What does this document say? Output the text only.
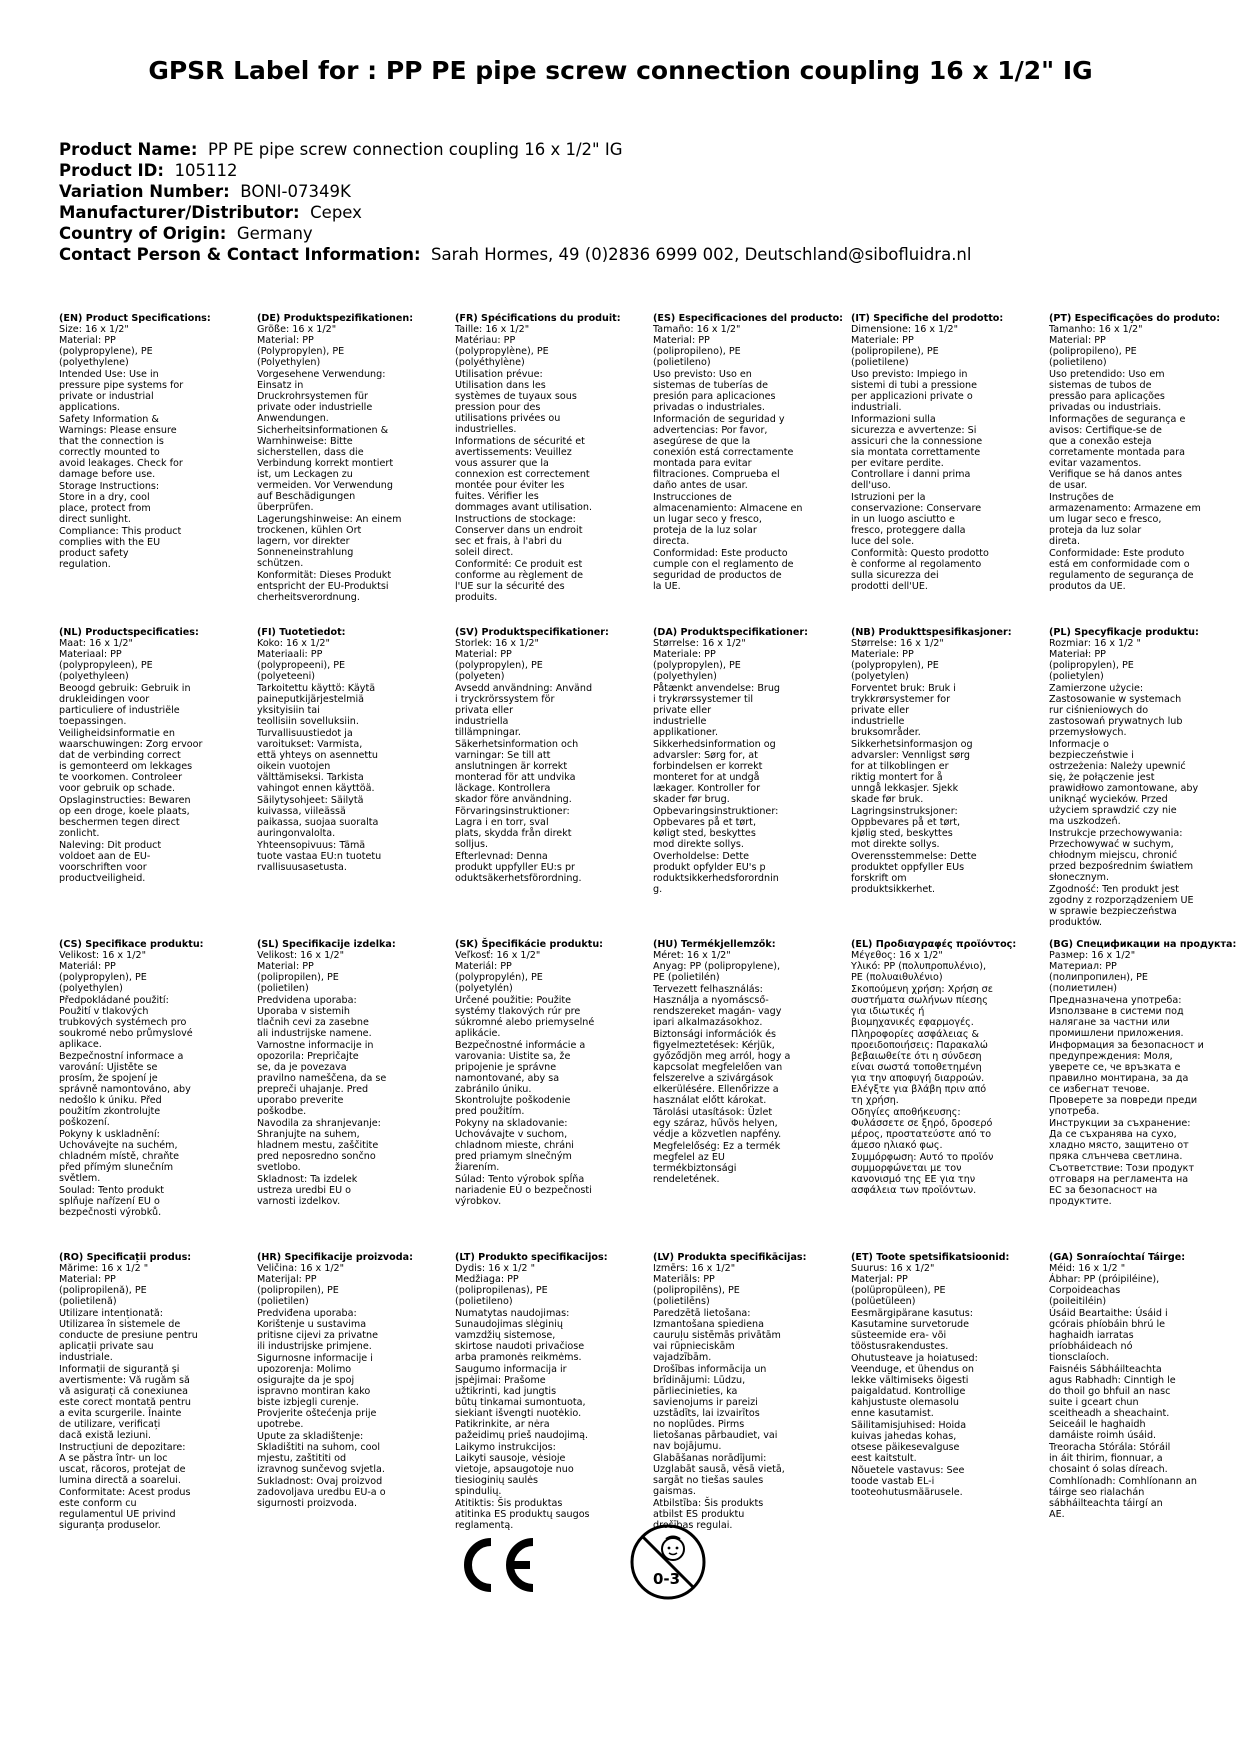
GPSR Label for : PP PE pipe screw connection coupling 16 x 1/2" IG
Product Name: PP PE pipe screw connection coupling 16 x 1/2" IG
Product ID: 105112
Variation Number: BONI-07349K
Manufacturer/Distributor: Cepex
Country of Origin: Germany
Contact Person & Contact Information: Sarah Hormes, 49 (0)2836 6999 002, Deutschland@sibofluidra.nl
(EN) Product Specifications:
Size: 16 x 1/2"
Material: PP
(polypropylene), PE
(polyethylene)
Intended Use: Use in
pressure pipe systems for
private or industrial
applications.
Safety Information &
Warnings: Please ensure
that the connection is
correctly mounted to
avoid leakages. Check for
damage before use.
Storage Instructions:
Store in a dry, cool
place, protect from
direct sunlight.
Compliance: This product
complies with the EU
product safety
regulation.
(DE) Produktspezifikationen:
Größe: 16 x 1/2"
Material: PP
(Polypropylen), PE
(Polyethylen)
Vorgesehene Verwendung:
Einsatz in
Druckrohrsystemen für
private oder industrielle
Anwendungen.
Sicherheitsinformationen &
Warnhinweise: Bitte
sicherstellen, dass die
Verbindung korrekt montiert
ist, um Leckagen zu
vermeiden. Vor Verwendung
auf Beschädigungen
überprüfen.
Lagerungshinweise: An einem
trockenen, kühlen Ort
lagern, vor direkter
Sonneneinstrahlung
schützen.
Konformität: Dieses Produkt
entspricht der EU-Produktsi
cherheitsverordnung.
(FR) Spécifications du produit:
Taille: 16 x 1/2"
Matériau: PP
(polypropylène), PE
(polyéthylène)
Utilisation prévue:
Utilisation dans les
systèmes de tuyaux sous
pression pour des
utilisations privées ou
industrielles.
Informations de sécurité et
avertissements: Veuillez
vous assurer que la
connexion est correctement
montée pour éviter les
fuites. Vérifier les
dommages avant utilisation.
Instructions de stockage:
Conserver dans un endroit
sec et frais, à l'abri du
soleil direct.
Conformité: Ce produit est
conforme au règlement de
l'UE sur la sécurité des
produits.
(ES) Especificaciones del producto:
Tamaño: 16 x 1/2"
Material: PP
(polipropileno), PE
(polietileno)
Uso previsto: Uso en
sistemas de tuberías de
presión para aplicaciones
privadas o industriales.
Información de seguridad y
advertencias: Por favor,
asegúrese de que la
conexión está correctamente
montada para evitar
filtraciones. Comprueba el
daño antes de usar.
Instrucciones de
almacenamiento: Almacene en
un lugar seco y fresco,
proteja de la luz solar
directa.
Conformidad: Este producto
cumple con el reglamento de
seguridad de productos de
la UE.
(IT) Specifiche del prodotto:
Dimensione: 16 x 1/2"
Materiale: PP
(polipropilene), PE
(polietilene)
Uso previsto: Impiego in
sistemi di tubi a pressione
per applicazioni private o
industriali.
Informazioni sulla
sicurezza e avvertenze: Si
assicuri che la connessione
sia montata correttamente
per evitare perdite.
Controllare i danni prima
dell'uso.
Istruzioni per la
conservazione: Conservare
in un luogo asciutto e
fresco, proteggere dalla
luce del sole.
Conformità: Questo prodotto
è conforme al regolamento
sulla sicurezza dei
prodotti dell'UE.
(PT) Especificações do produto:
Tamanho: 16 x 1/2"
Material: PP
(polipropileno), PE
(polietileno)
Uso pretendido: Uso em
sistemas de tubos de
pressão para aplicações
privadas ou industriais.
Informações de segurança e
avisos: Certifique-se de
que a conexão esteja
corretamente montada para
evitar vazamentos.
Verifique se há danos antes
de usar.
Instruções de
armazenamento: Armazene em
um lugar seco e fresco,
proteja da luz solar
direta.
Conformidade: Este produto
está em conformidade com o
regulamento de segurança de
produtos da UE.
(NL) Productspecificaties:
Maat: 16 x 1/2"
Materiaal: PP
(polypropyleen), PE
(polyethyleen)
Beoogd gebruik: Gebruik in
drukleidingen voor
particuliere of industriële
toepassingen.
Veiligheidsinformatie en
waarschuwingen: Zorg ervoor
dat de verbinding correct
is gemonteerd om lekkages
te voorkomen. Controleer
voor gebruik op schade.
Opslaginstructies: Bewaren
op een droge, koele plaats,
beschermen tegen direct
zonlicht.
Naleving: Dit product
voldoet aan de EU-
voorschriften voor
productveiligheid.
(FI) Tuotetiedot:
Koko: 16 x 1/2"
Materiaali: PP
(polypropeeni), PE
(polyeteeni)
Tarkoitettu käyttö: Käytä
paineputkijärjestelmiä
yksityisiin tai
teollisiin sovelluksiin.
Turvallisuustiedot ja
varoitukset: Varmista,
että yhteys on asennettu
oikein vuotojen
välttämiseksi. Tarkista
vahingot ennen käyttöä.
Säilytysohjeet: Säilytä
kuivassa, viileässä
paikassa, suojaa suoralta
auringonvalolta.
Yhteensopivuus: Tämä
tuote vastaa EU:n tuotetu
rvallisuusasetusta.
(SV) Produktspecifikationer:
Storlek: 16 x 1/2"
Material: PP
(polypropylen), PE
(polyeten)
Avsedd användning: Använd
i tryckrörssystem för
privata eller
industriella
tillämpningar.
Säkerhetsinformation och
varningar: Se till att
anslutningen är korrekt
monterad för att undvika
läckage. Kontrollera
skador före användning.
Förvaringsinstruktioner:
Lagra i en torr, sval
plats, skydda från direkt
solljus.
Efterlevnad: Denna
produkt uppfyller EU:s pr
oduktsäkerhetsförordning.
(DA) Produktspecifikationer:
Størrelse: 16 x 1/2"
Materiale: PP
(polypropylen), PE
(polyethylen)
Påtænkt anvendelse: Brug
i trykrørssystemer til
private eller
industrielle
applikationer.
Sikkerhedsinformation og
advarsler: Sørg for, at
forbindelsen er korrekt
monteret for at undgå
lækager. Kontroller for
skader før brug.
Opbevaringsinstruktioner:
Opbevares på et tørt,
køligt sted, beskyttes
mod direkte sollys.
Overholdelse: Dette
produkt opfylder EU's p
roduktsikkerhedsforordnin
g.
(NB) Produkttspesifikasjoner:
Størrelse: 16 x 1/2"
Materiale: PP
(polypropylen), PE
(polyetylen)
Forventet bruk: Bruk i
trykkrørsystemer for
private eller
industrielle
bruksområder.
Sikkerhetsinformasjon og
advarsler: Vennligst sørg
for at tilkoblingen er
riktig montert for å
unngå lekkasjer. Sjekk
skade før bruk.
Lagringsinstruksjoner:
Oppbevares på et tørt,
kjølig sted, beskyttes
mot direkte sollys.
Overensstemmelse: Dette
produktet oppfyller EUs
forskrift om
produktsikkerhet.
(PL) Specyfikacje produktu:
Rozmiar: 16 x 1/2 "
Materiał: PP
(polipropylen), PE
(polietylen)
Zamierzone użycie:
Zastosowanie w systemach
rur ciśnieniowych do
zastosowań prywatnych lub
przemysłowych.
Informacje o
bezpieczeństwie i
ostrzeżenia: Należy upewnić
się, że połączenie jest
prawidłowo zamontowane, aby
uniknąć wycieków. Przed
użyciem sprawdzić czy nie
ma uszkodzeń.
Instrukcje przechowywania:
Przechowywać w suchym,
chłodnym miejscu, chronić
przed bezpośrednim światłem
słonecznym.
Zgodność: Ten produkt jest
zgodny z rozporządzeniem UE
w sprawie bezpieczeństwa
produktów.
(CS) Specifikace produktu:
Velikost: 16 x 1/2"
Materiál: PP
(polypropylen), PE
(polyethylen)
Předpokládané použití:
Použití v tlakových
trubkových systémech pro
soukromé nebo průmyslové
aplikace.
Bezpečnostní informace a
varování: Ujistěte se
prosím, že spojení je
správně namontováno, aby
nedošlo k úniku. Před
použitím zkontrolujte
poškození.
Pokyny k uskladnění:
Uchovávejte na suchém,
chladném místě, chraňte
před přímým slunečním
světlem.
Soulad: Tento produkt
splňuje nařízení EU o
bezpečnosti výrobků.
(SL) Specifikacije izdelka:
Velikost: 16 x 1/2"
Material: PP
(polipropilen), PE
(polietilen)
Predvidena uporaba:
Uporaba v sistemih
tlačnih cevi za zasebne
ali industrijske namene.
Varnostne informacije in
opozorila: Prepričajte
se, da je povezava
pravilno nameščena, da se
prepreči uhajanje. Pred
uporabo preverite
poškodbe.
Navodila za shranjevanje:
Shranjujte na suhem,
hladnem mestu, zaščitite
pred neposredno sončno
svetlobo.
Skladnost: Ta izdelek
ustreza uredbi EU o
varnosti izdelkov.
(SK) Špecifikácie produktu:
Veľkosť: 16 x 1/2"
Materiál: PP
(polypropylén), PE
(polyetylén)
Určené použitie: Použite
systémy tlakových rúr pre
súkromné alebo priemyselné
aplikácie.
Bezpečnostné informácie a
varovania: Uistite sa, že
pripojenie je správne
namontované, aby sa
zabránilo úniku.
Skontrolujte poškodenie
pred použitím.
Pokyny na skladovanie:
Uchovávajte v suchom,
chladnom mieste, chráni
pred priamym slnečným
žiarením.
Súlad: Tento výrobok spĺňa
nariadenie EÚ o bezpečnosti
výrobkov.
(HU) Termékjellemzők:
Méret: 16 x 1/2"
Anyag: PP (polipropylene),
PE (polietilén)
Tervezett felhasználás:
Használja a nyomáscső-
rendszereket magán- vagy
ipari alkalmazásokhoz.
Biztonsági információk és
figyelmeztetések: Kérjük,
győződjön meg arról, hogy a
kapcsolat megfelelően van
felszerelve a szivárgások
elkerülésére. Ellenőrizze a
használat előtt károkat.
Tárolási utasítások: Üzlet
egy száraz, hűvös helyen,
védje a közvetlen napfény.
Megfelelőség: Ez a termék
megfelel az EU
termékbiztonsági
rendeletének.
(EL) Προδιαγραφές προϊόντος:
Μέγεθος: 16 x 1/2"
Υλικό: PP (πολυπροπυλένιο),
PE (πολυαιθυλένιο)
Σκοπούμενη χρήση: Χρήση σε
συστήματα σωλήνων πίεσης
για ιδιωτικές ή
βιομηχανικές εφαρμογές.
Πληροφορίες ασφάλειας &
προειδοποιήσεις: Παρακαλώ
βεβαιωθείτε ότι η σύνδεση
είναι σωστά τοποθετημένη
για την αποφυγή διαρροών.
Ελέγξτε για βλάβη πριν από
τη χρήση.
Οδηγίες αποθήκευσης:
Φυλάσσετε σε ξηρό, δροσερό
μέρος, προστατεύστε από το
άμεσο ηλιακό φως.
Συμμόρφωση: Αυτό το προϊόν
συμμορφώνεται με τον
κανονισμό της ΕΕ για την
ασφάλεια των προϊόντων.
(BG) Спецификации на продукта:
Размер: 16 x 1/2"
Материал: PP
(полипропилен), PE
(полиетилен)
Предназначена употреба:
Използване в системи под
налягане за частни или
промишлени приложения.
Информация за безопасност и
предупреждения: Моля,
уверете се, че връзката е
правилно монтирана, за да
се избегнат течове.
Проверете за повреди преди
употреба.
Инструкции за съхранение:
Да се съхранява на сухо,
хладно място, защитено от
пряка слънчева светлина.
Съответствие: Този продукт
отговаря на регламента на
ЕС за безопасност на
продуктите.
(RO) Specificații produs:
Mărime: 16 x 1/2 "
Material: PP
(polipropilenă), PE
(polietilenă)
Utilizare intenționată:
Utilizarea în sistemele de
conducte de presiune pentru
aplicații private sau
industriale.
Informații de siguranță și
avertismente: Vă rugăm să
vă asigurați că conexiunea
este corect montată pentru
a evita scurgerile. Înainte
de utilizare, verificați
dacă există leziuni.
Instrucțiuni de depozitare:
A se păstra într- un loc
uscat, răcoros, protejat de
lumina directă a soarelui.
Conformitate: Acest produs
este conform cu
regulamentul UE privind
siguranța produselor.
(HR) Specifikacije proizvoda:
Veličina: 16 x 1/2"
Materijal: PP
(polipropilen), PE
(polietilen)
Predviđena uporaba:
Korištenje u sustavima
pritisne cijevi za privatne
ili industrijske primjene.
Sigurnosne informacije i
upozorenja: Molimo
osigurajte da je spoj
ispravno montiran kako
biste izbjegli curenje.
Provjerite oštećenja prije
upotrebe.
Upute za skladištenje:
Skladištiti na suhom, cool
mjestu, zaštititi od
izravnog sunčevog svjetla.
Sukladnost: Ovaj proizvod
zadovoljava uredbu EU-a o
sigurnosti proizvoda.
(LT) Produkto specifikacijos:
Dydis: 16 x 1/2 "
Medžiaga: PP
(polipropilenas), PE
(polietileno)
Numatytas naudojimas:
Sunaudojimas slėginių
vamzdžių sistemose,
skirtose naudoti privačiose
arba pramonės reikmėms.
Saugumo informacija ir
įspėjimai: Prašome
užtikrinti, kad jungtis
būtų tinkamai sumontuota,
siekiant išvengti nuotėkio.
Patikrinkite, ar nėra
pažeidimų prieš naudojimą.
Laikymo instrukcijos:
Laikyti sausoje, vėsioje
vietoje, apsaugotoje nuo
tiesioginių saulės
spindulių.
Atitiktis: Šis produktas
atitinka ES produktų saugos
reglamentą.
(LV) Produkta specifikācijas:
Izmērs: 16 x 1/2"
Materiāls: PP
(polipropilēns), PE
(polietilēns)
Paredzētā lietošana:
Izmantošana spiediena
cauruļu sistēmās privātām
vai rūpnieciskām
vajadzībām.
Drošības informācija un
brīdinājumi: Lūdzu,
pārliecinieties, ka
savienojums ir pareizi
uzstādīts, lai izvairītos
no noplūdes. Pirms
lietošanas pārbaudiet, vai
nav bojājumu.
Glabāšanas norādījumi:
Uzglabāt sausā, vēsā vietā,
sargāt no tiešas saules
gaismas.
Atbilstība: Šis produkts
atbilst ES produktu
drošības regulai.
(ET) Toote spetsifikatsioonid:
Suurus: 16 x 1/2"
Materjal: PP
(polüpropüleen), PE
(polüetüleen)
Eesmärgipärane kasutus:
Kasutamine survetorude
süsteemide era- või
tööstusrakendustes.
Ohutusteave ja hoiatused:
Veenduge, et ühendus on
lekke vältimiseks õigesti
paigaldatud. Kontrollige
kahjustuste olemasolu
enne kasutamist.
Säilitamisjuhised: Hoida
kuivas jahedas kohas,
otsese päikesevalguse
eest kaitstult.
Nõuetele vastavus: See
toode vastab EL-i
tooteohutusmäärusele.
(GA) Sonraíochtaí Táirge:
Méid: 16 x 1/2 "
Ábhar: PP (próipiléine),
Corpoideachas
(poileitiléin)
Úsáid Beartaithe: Úsáid i
gcórais phíobáin bhrú le
haghaidh iarratas
príobháideach nó
tionsclaíoch.
Faisnéis Sábháilteachta
agus Rabhadh: Cinntigh le
do thoil go bhfuil an nasc
suite i gceart chun
sceitheadh a sheachaint.
Seiceáil le haghaidh
damáiste roimh úsáid.
Treoracha Stórála: Stóráil
in áit thirim, fionnuar, a
chosaint ó solas díreach.
Comhlíonadh: Comhlíonann an
táirge seo rialachán
sábháilteachta táirgí an
AE.
0-3
